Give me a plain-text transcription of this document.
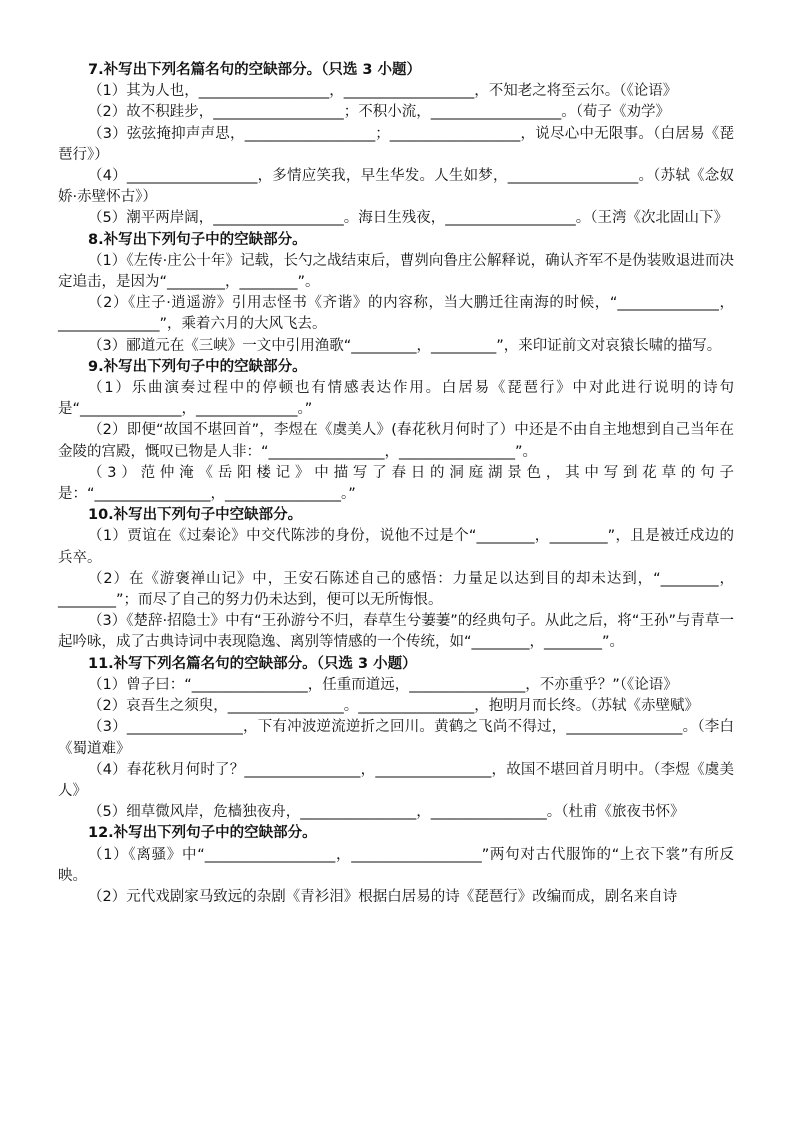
7.补写出下列名篇名句的空缺部分。（只选 3 小题）

（1）其为人也，__________________，__________________，不知老之将至云尔。（《论语》

（2）故不积跬步，__________________；不积小流，__________________。（荀子《劝学》

（3）弦弦掩抑声声思，__________________；__________________，说尽心中无限事。（白居易《琵琶行》）

（4）__________________，多情应笑我，早生华发。人生如梦，__________________。（苏轼《念奴娇·赤壁怀古》）

（5）潮平两岸阔，__________________。海日生残夜，__________________。（王湾《次北固山下》

8.补写出下列句子中的空缺部分。

（1）《左传·庄公十年》记载，长勺之战结束后，曹刿向鲁庄公解释说，确认齐军不是伪装败退进而决定追击，是因为“________，________”。

（2）《庄子·逍遥游》引用志怪书《齐谐》的内容称，当大鹏迁往南海的时候，“______________，______________”，乘着六月的大风飞去。

（3）郦道元在《三峡》一文中引用渔歌“_________，_________”，来印证前文对哀猿长啸的描写。

9.补写出下列句子中的空缺部分。

（1）乐曲演奏过程中的停顿也有情感表达作用。白居易《琵琶行》中对此进行说明的诗句是“______________，______________。”

（2）即便“故国不堪回首”，李煜在《虞美人》(春花秋月何时了）中还是不由自主地想到自己当年在金陵的宫殿，慨叹已物是人非：“________________，________________”。

（3）范仲淹《岳阳楼记》中描写了春日的洞庭湖景色，其中写到花草的句子是：“________________，________________。”

10.补写出下列句子中空缺部分。

（1）贾谊在《过秦论》中交代陈涉的身份，说他不过是个“________，________”，且是被迁戍边的兵卒。

（2）在《游褒禅山记》中，王安石陈述自己的感悟：力量足以达到目的却未达到，“________，________”；而尽了自己的努力仍未达到，便可以无所悔恨。

（3）《楚辞·招隐士》中有“王孙游兮不归，春草生兮萋萋”的经典句子。从此之后，将“王孙”与青草一起吟咏，成了古典诗词中表现隐逸、离别等情感的一个传统，如“________，________”。

11.补写下列名篇名句的空缺部分。（只选 3 小题）

（1）曾子曰：“________________，任重而道远，________________，不亦重乎？”（《论语》

（2）哀吾生之须臾，________________。________________，抱明月而长终。（苏轼《赤壁赋》

（3）________________，下有冲波逆流逆折之回川。黄鹤之飞尚不得过，________________。（李白《蜀道难》

（4）春花秋月何时了？________________，________________，故国不堪回首月明中。（李煜《虞美人》

（5）细草微风岸，危樯独夜舟，________________，________________。（杜甫《旅夜书怀》

12.补写出下列句子中的空缺部分。

（1）《离骚》中“__________________，__________________”两句对古代服饰的“上衣下裳”有所反映。

（2）元代戏剧家马致远的杂剧《青衫泪》根据白居易的诗《琵琶行》改编而成，剧名来自诗
